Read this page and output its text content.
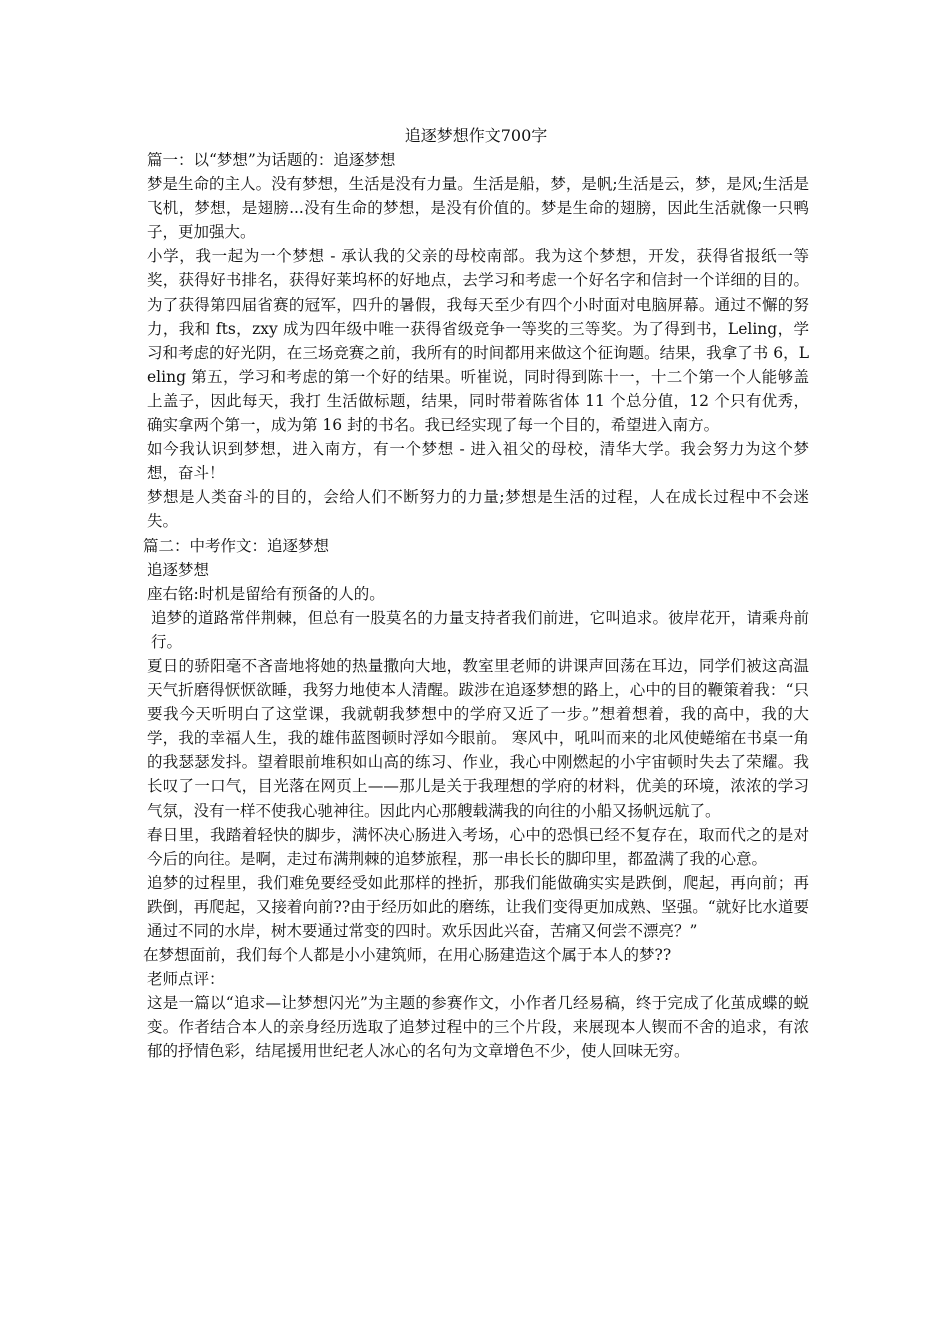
追逐梦想作文700字

篇一：以“梦想”为话题的：追逐梦想

梦是生命的主人。没有梦想，生活是没有力量。生活是船，梦，是帆;生活是云，梦，是风;生活是飞机，梦想，是翅膀...没有生命的梦想，是没有价值的。梦是生命的翅膀，因此生活就像一只鸭子，更加强大。

小学，我一起为一个梦想 - 承认我的父亲的母校南部。我为这个梦想，开发，获得省报纸一等奖，获得好书排名，获得好莱坞杯的好地点，去学习和考虑一个好名字和信封一个详细的目的。为了获得第四届省赛的冠军，四升的暑假，我每天至少有四个小时面对电脑屏幕。通过不懈的努力，我和 fts，zxy 成为四年级中唯一获得省级竞争一等奖的三等奖。为了得到书，Leling，学习和考虑的好光阴，在三场竞赛之前，我所有的时间都用来做这个征询题。结果，我拿了书 6，Leling 第五，学习和考虑的第一个好的结果。听崔说，同时得到陈十一，十二个第一个人能够盖上盖子，因此每天，我打 生活做标题，结果，同时带着陈省体 11 个总分值，12 个只有优秀，确实拿两个第一，成为第 16 封的书名。我已经实现了每一个目的，希望进入南方。

如今我认识到梦想，进入南方，有一个梦想 - 进入祖父的母校，清华大学。我会努力为这个梦想，奋斗！

梦想是人类奋斗的目的，会给人们不断努力的力量;梦想是生活的过程，人在成长过程中不会迷失。

篇二：中考作文：追逐梦想

追逐梦想

座右铭:时机是留给有预备的人的。

追梦的道路常伴荆棘，但总有一股莫名的力量支持者我们前进，它叫追求。彼岸花开，请乘舟前行。

夏日的骄阳毫不吝啬地将她的热量撒向大地，教室里老师的讲课声回荡在耳边，同学们被这高温天气折磨得恹恹欲睡，我努力地使本人清醒。跋涉在追逐梦想的路上，心中的目的鞭策着我：“只要我今天听明白了这堂课，我就朝我梦想中的学府又近了一步。”想着想着，我的高中，我的大学，我的幸福人生，我的雄伟蓝图顿时浮如今眼前。 寒风中，吼叫而来的北风使蜷缩在书桌一角的我瑟瑟发抖。望着眼前堆积如山高的练习、作业，我心中刚燃起的小宇宙顿时失去了荣耀。我长叹了一口气，目光落在网页上——那儿是关于我理想的学府的材料，优美的环境，浓浓的学习气氛，没有一样不使我心驰神往。因此内心那艘载满我的向往的小船又扬帆远航了。

春日里，我踏着轻快的脚步，满怀决心肠进入考场，心中的恐惧已经不复存在，取而代之的是对今后的向往。是啊，走过布满荆棘的追梦旅程，那一串长长的脚印里，都盈满了我的心意。

追梦的过程里，我们难免要经受如此那样的挫折，那我们能做确实实是跌倒，爬起，再向前；再跌倒，再爬起，又接着向前??由于经历如此的磨练，让我们变得更加成熟、坚强。“就好比水道要通过不同的水岸，树木要通过常变的四时。欢乐因此兴奋，苦痛又何尝不漂亮？”

在梦想面前，我们每个人都是小小建筑师，在用心肠建造这个属于本人的梦??

老师点评：

这是一篇以“追求—让梦想闪光”为主题的参赛作文，小作者几经易稿，终于完成了化茧成蝶的蜕变。作者结合本人的亲身经历选取了追梦过程中的三个片段，来展现本人锲而不舍的追求，有浓郁的抒情色彩，结尾援用世纪老人冰心的名句为文章增色不少，使人回味无穷。
